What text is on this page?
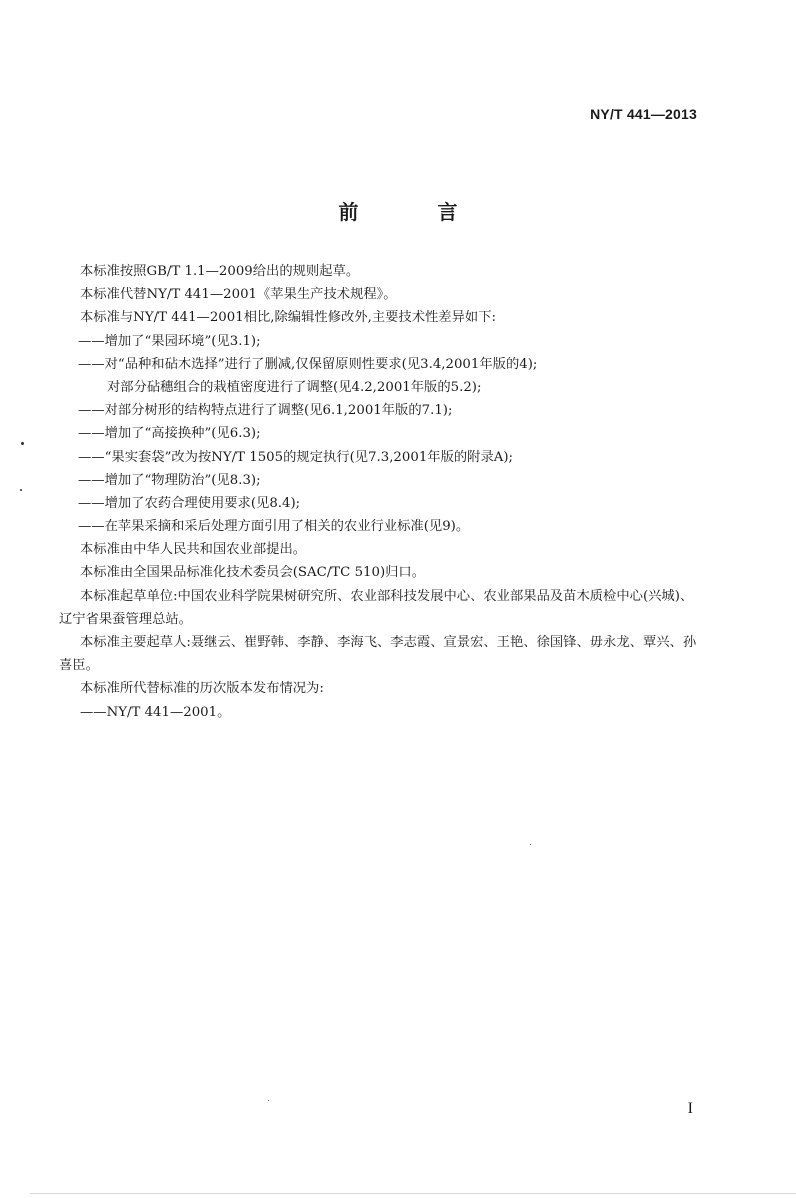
NY/T 441—2013
前 言
本标准按照GB/T 1.1—2009给出的规则起草。
本标准代替NY/T 441—2001《苹果生产技术规程》。
本标准与NY/T 441—2001相比,除编辑性修改外,主要技术性差异如下:
——增加了“果园环境”(见3.1);
——对“品种和砧木选择”进行了删减,仅保留原则性要求(见3.4,2001年版的4);
对部分砧穗组合的栽植密度进行了调整(见4.2,2001年版的5.2);
——对部分树形的结构特点进行了调整(见6.1,2001年版的7.1);
——增加了“高接换种”(见6.3);
——“果实套袋”改为按NY/T 1505的规定执行(见7.3,2001年版的附录A);
——增加了“物理防治”(见8.3);
——增加了农药合理使用要求(见8.4);
——在苹果采摘和采后处理方面引用了相关的农业行业标准(见9)。
本标准由中华人民共和国农业部提出。
本标准由全国果品标准化技术委员会(SAC/TC 510)归口。
本标准起草单位:中国农业科学院果树研究所、农业部科技发展中心、农业部果品及苗木质检中心(兴城)、辽宁省果蚕管理总站。
本标准主要起草人:聂继云、崔野韩、李静、李海飞、李志霞、宣景宏、王艳、徐国锋、毋永龙、覃兴、孙喜臣。
本标准所代替标准的历次版本发布情况为:
——NY/T 441—2001。
I
